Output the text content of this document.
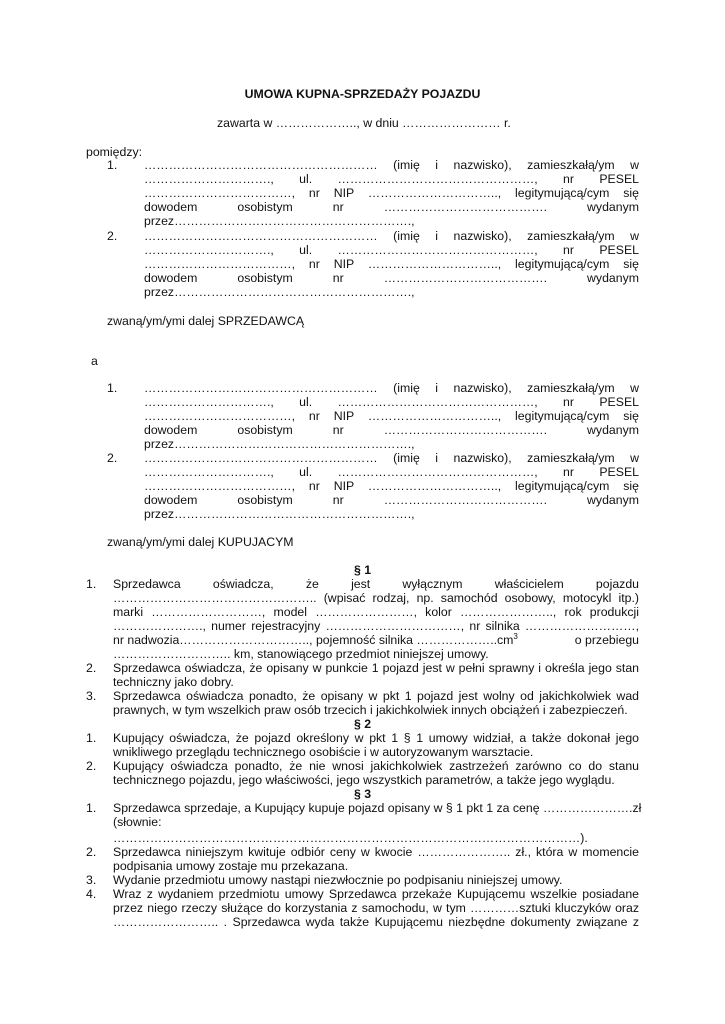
UMOWA KUPNA-SPRZEDAŻY POJAZDU
zawarta w ……………….., w dniu …………………… r.
pomiędzy:
1. ………………………………………………… (imię i nazwisko), zamieszkałą/ym w
…………………………., ul. …………………………………………, nr PESEL
………………………………, nr NIP ………………………….., legitymującą/cym się
dowodem osobistym nr …………………………………. wydanym
przez………………………………………………….,
2. ………………………………………………… (imię i nazwisko), zamieszkałą/ym w
…………………………., ul. …………………………………………, nr PESEL
………………………………, nr NIP ………………………….., legitymującą/cym się
dowodem osobistym nr …………………………………. wydanym
przez………………………………………………….,
zwaną/ym/ymi dalej SPRZEDAWCĄ
a
1. ………………………………………………… (imię i nazwisko), zamieszkałą/ym w
…………………………., ul. …………………………………………, nr PESEL
………………………………, nr NIP ………………………….., legitymującą/cym się
dowodem osobistym nr …………………………………. wydanym
przez………………………………………………….,
2. ………………………………………………… (imię i nazwisko), zamieszkałą/ym w
…………………………., ul. …………………………………………, nr PESEL
………………………………, nr NIP ………………………….., legitymującą/cym się
dowodem osobistym nr …………………………………. wydanym
przez………………………………………………….,
zwaną/ym/ymi dalej KUPUJACYM
§ 1
1. Sprzedawca oświadcza, że jest wyłącznym właścicielem pojazdu
………………………………………….. (wpisać rodzaj, np. samochód osobowy, motocykl itp.)
marki ………………………, model ……………………, kolor ………………….., rok produkcji
…………………., numer rejestracyjny ……………………………, nr silnika ………………………,
nr nadwozia………………………….., pojemność silnika $\dots\dots\dots\dots\dots\dots..cm^3$	o przebiegu
……………………….. km, stanowiącego przedmiot niniejszej umowy.
2. Sprzedawca oświadcza, że opisany w punkcie 1 pojazd jest w pełni sprawny i określa jego stan
techniczny jako dobry.
3. Sprzedawca oświadcza ponadto, że opisany w pkt 1 pojazd jest wolny od jakichkolwiek wad
prawnych, w tym wszelkich praw osób trzecich i jakichkolwiek innych obciążeń i zabezpieczeń.
§ 2
1. Kupujący oświadcza, że pojazd określony w pkt 1 § 1 umowy widział, a także dokonał jego
wnikliwego przeglądu technicznego osobiście i w autoryzowanym warsztacie.
2. Kupujący oświadcza ponadto, że nie wnosi jakichkolwiek zastrzeżeń zarówno co do stanu
technicznego pojazdu, jego właściwości, jego wszystkich parametrów, a także jego wyglądu.
§ 3
1. Sprzedawca sprzedaje, a Kupujący kupuje pojazd opisany w § 1 pkt 1 za cenę ………………….zł
(słownie:
……………………………………………………………………………………………………).
2. Sprzedawca niniejszym kwituje odbiór ceny w kwocie ………………….. zł., która w momencie
podpisania umowy zostaje mu przekazana.
3. Wydanie przedmiotu umowy nastąpi niezwłocznie po podpisaniu niniejszej umowy.
4. Wraz z wydaniem przedmiotu umowy Sprzedawca przekaże Kupującemu wszelkie posiadane
przez niego rzeczy służące do korzystania z samochodu, w tym …………sztuki kluczyków oraz
…………………….. . Sprzedawca wyda także Kupującemu niezbędne dokumenty związane z
